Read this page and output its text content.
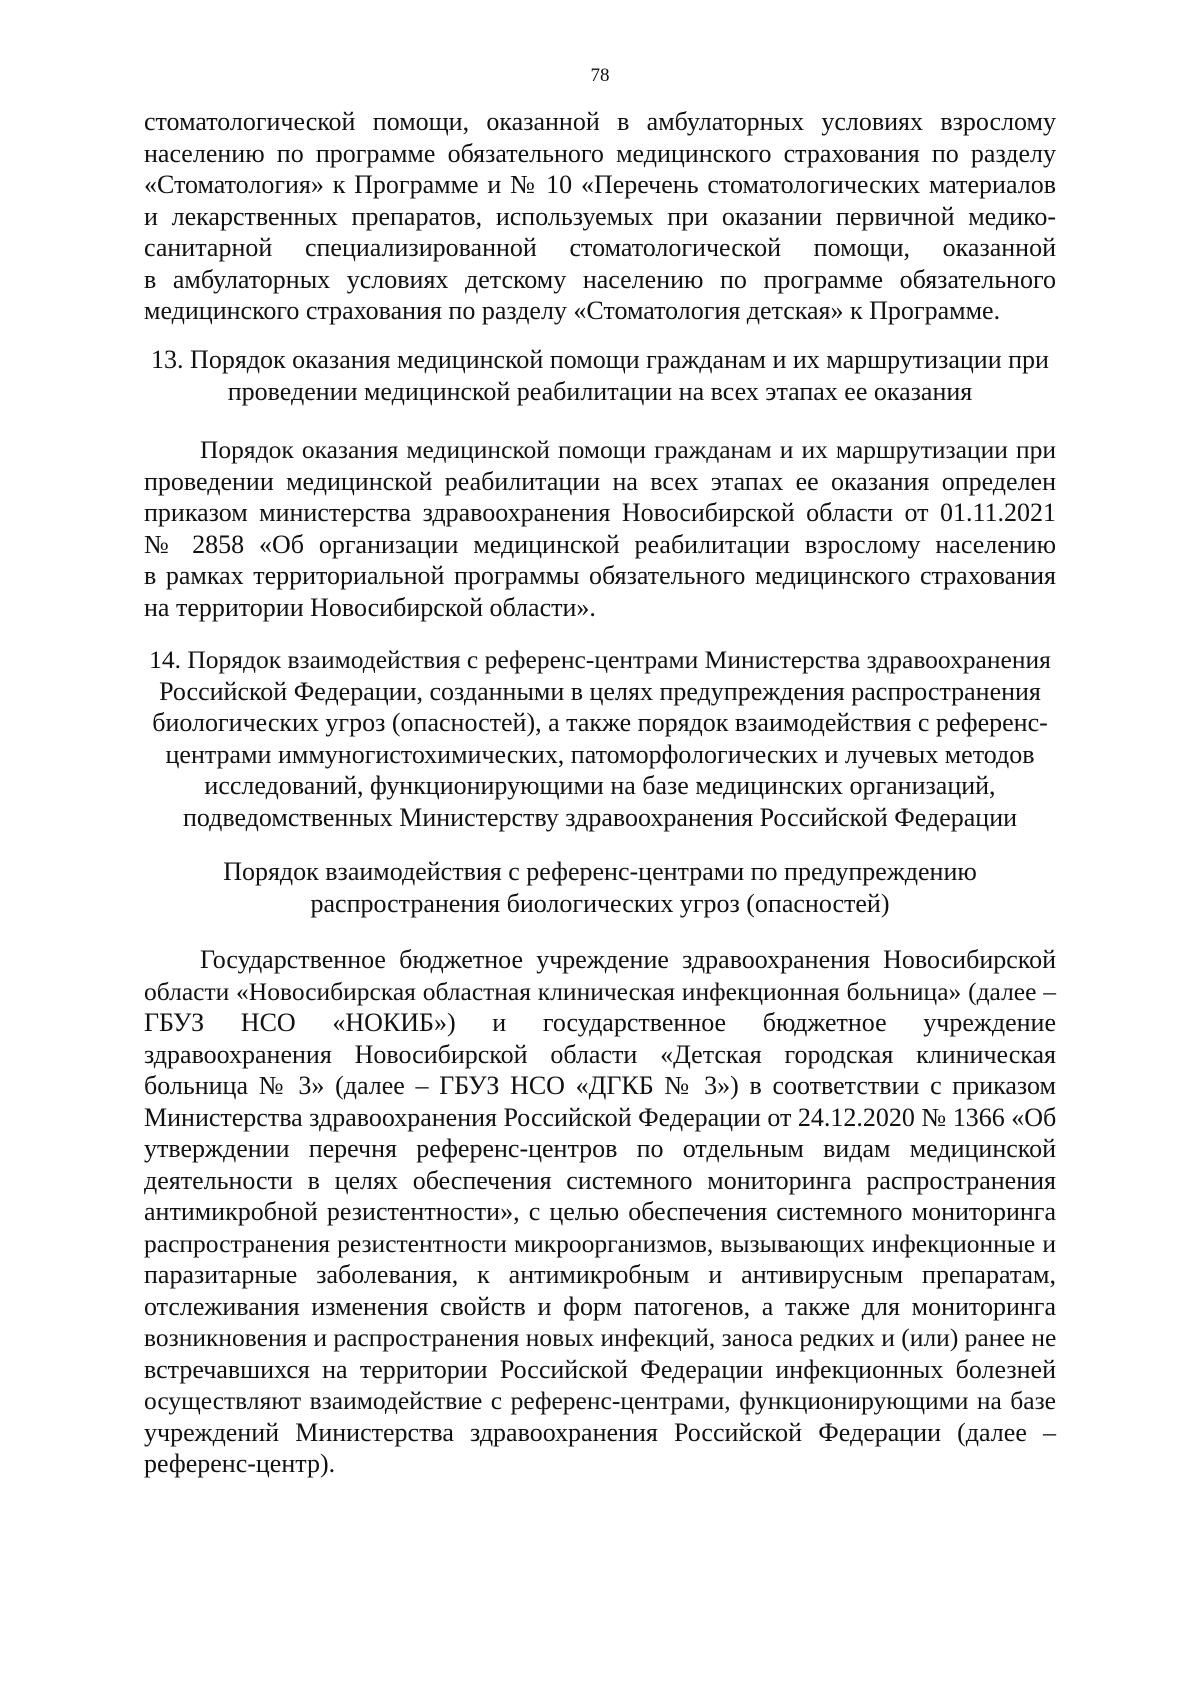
78
стоматологической помощи, оказанной в амбулаторных условиях взрослому
населению по программе обязательного медицинского страхования по разделу
«Стоматология» к Программе и № 10 «Перечень стоматологических материалов
и лекарственных препаратов, используемых при оказании первичной медико-
санитарной специализированной стоматологической помощи, оказанной
в амбулаторных условиях детскому населению по программе обязательного
медицинского страхования по разделу «Стоматология детская» к Программе.
13. Порядок оказания медицинской помощи гражданам и их маршрутизации при
проведении медицинской реабилитации на всех этапах ее оказания
Порядок оказания медицинской помощи гражданам и их маршрутизации при
проведении медицинской реабилитации на всех этапах ее оказания определен
приказом министерства здравоохранения Новосибирской области от 01.11.2021
№ 2858 «Об организации медицинской реабилитации взрослому населению
в рамках территориальной программы обязательного медицинского страхования
на территории Новосибирской области».
14. Порядок взаимодействия с референс-центрами Министерства здравоохранения
Российской Федерации, созданными в целях предупреждения распространения
биологических угроз (опасностей), а также порядок взаимодействия с референс-
центрами иммуногистохимических, патоморфологических и лучевых методов
исследований, функционирующими на базе медицинских организаций,
подведомственных Министерству здравоохранения Российской Федерации
Порядок взаимодействия с референс-центрами по предупреждению
распространения биологических угроз (опасностей)
Государственное бюджетное учреждение здравоохранения Новосибирской
области «Новосибирская областная клиническая инфекционная больница» (далее –
ГБУЗ НСО «НОКИБ») и государственное бюджетное учреждение
здравоохранения Новосибирской области «Детская городская клиническая
больница № 3» (далее – ГБУЗ НСО «ДГКБ № 3») в соответствии с приказом
Министерства здравоохранения Российской Федерации от 24.12.2020 № 1366 «Об
утверждении перечня референс-центров по отдельным видам медицинской
деятельности в целях обеспечения системного мониторинга распространения
антимикробной резистентности», с целью обеспечения системного мониторинга
распространения резистентности микроорганизмов, вызывающих инфекционные и
паразитарные заболевания, к антимикробным и антивирусным препаратам,
отслеживания изменения свойств и форм патогенов, а также для мониторинга
возникновения и распространения новых инфекций, заноса редких и (или) ранее не
встречавшихся на территории Российской Федерации инфекционных болезней
осуществляют взаимодействие с референс-центрами, функционирующими на базе
учреждений Министерства здравоохранения Российской Федерации (далее –
референс-центр).
